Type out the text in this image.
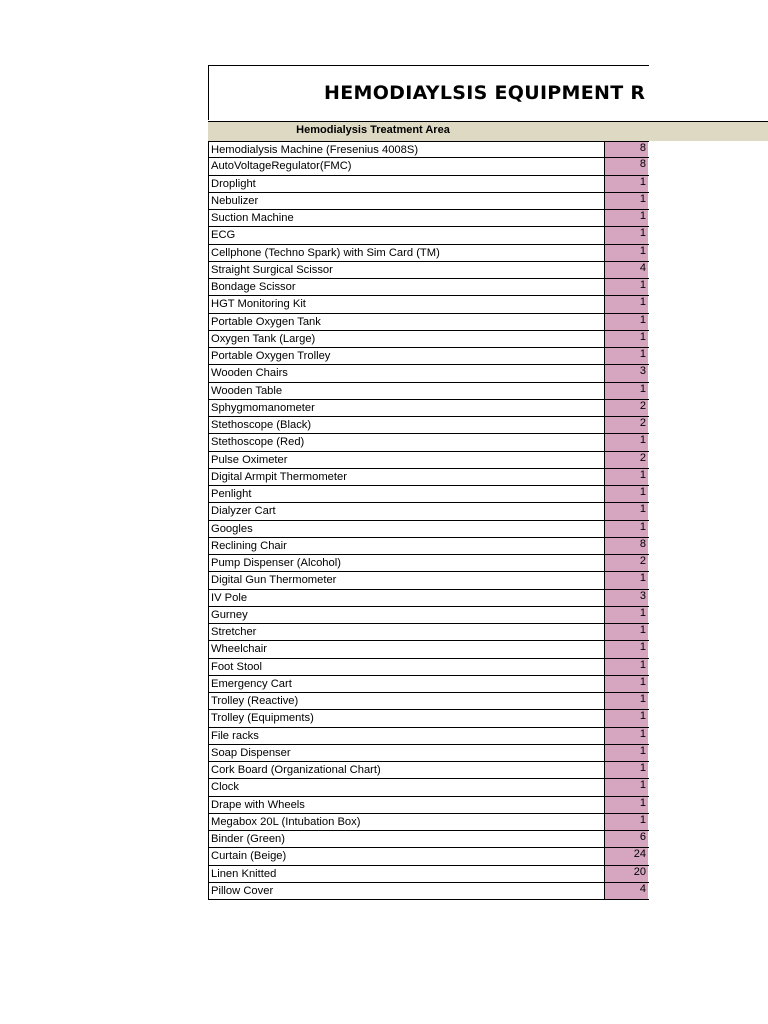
HEMODIAYLSIS EQUIPMENT R
Hemodialysis Treatment Area
Hemodialysis Machine (Fresenius 4008S)	8
AutoVoltageRegulator(FMC)	8
Droplight	1
Nebulizer	1
Suction Machine	1
ECG	1
Cellphone (Techno Spark) with Sim Card (TM)	1
Straight Surgical Scissor	4
Bondage Scissor	1
HGT Monitoring Kit	1
Portable Oxygen Tank	1
Oxygen Tank (Large)	1
Portable Oxygen Trolley	1
Wooden Chairs	3
Wooden Table	1
Sphygmomanometer	2
Stethoscope (Black)	2
Stethoscope (Red)	1
Pulse Oximeter	2
Digital Armpit Thermometer	1
Penlight	1
Dialyzer Cart	1
Googles	1
Reclining Chair	8
Pump Dispenser (Alcohol)	2
Digital Gun Thermometer	1
IV Pole	3
Gurney	1
Stretcher	1
Wheelchair	1
Foot Stool	1
Emergency Cart	1
Trolley (Reactive)	1
Trolley (Equipments)	1
File racks	1
Soap Dispenser	1
Cork Board (Organizational Chart)	1
Clock	1
Drape with Wheels	1
Megabox 20L (Intubation Box)	1
Binder (Green)	6
Curtain (Beige)	24
Linen Knitted	20
Pillow Cover	4
